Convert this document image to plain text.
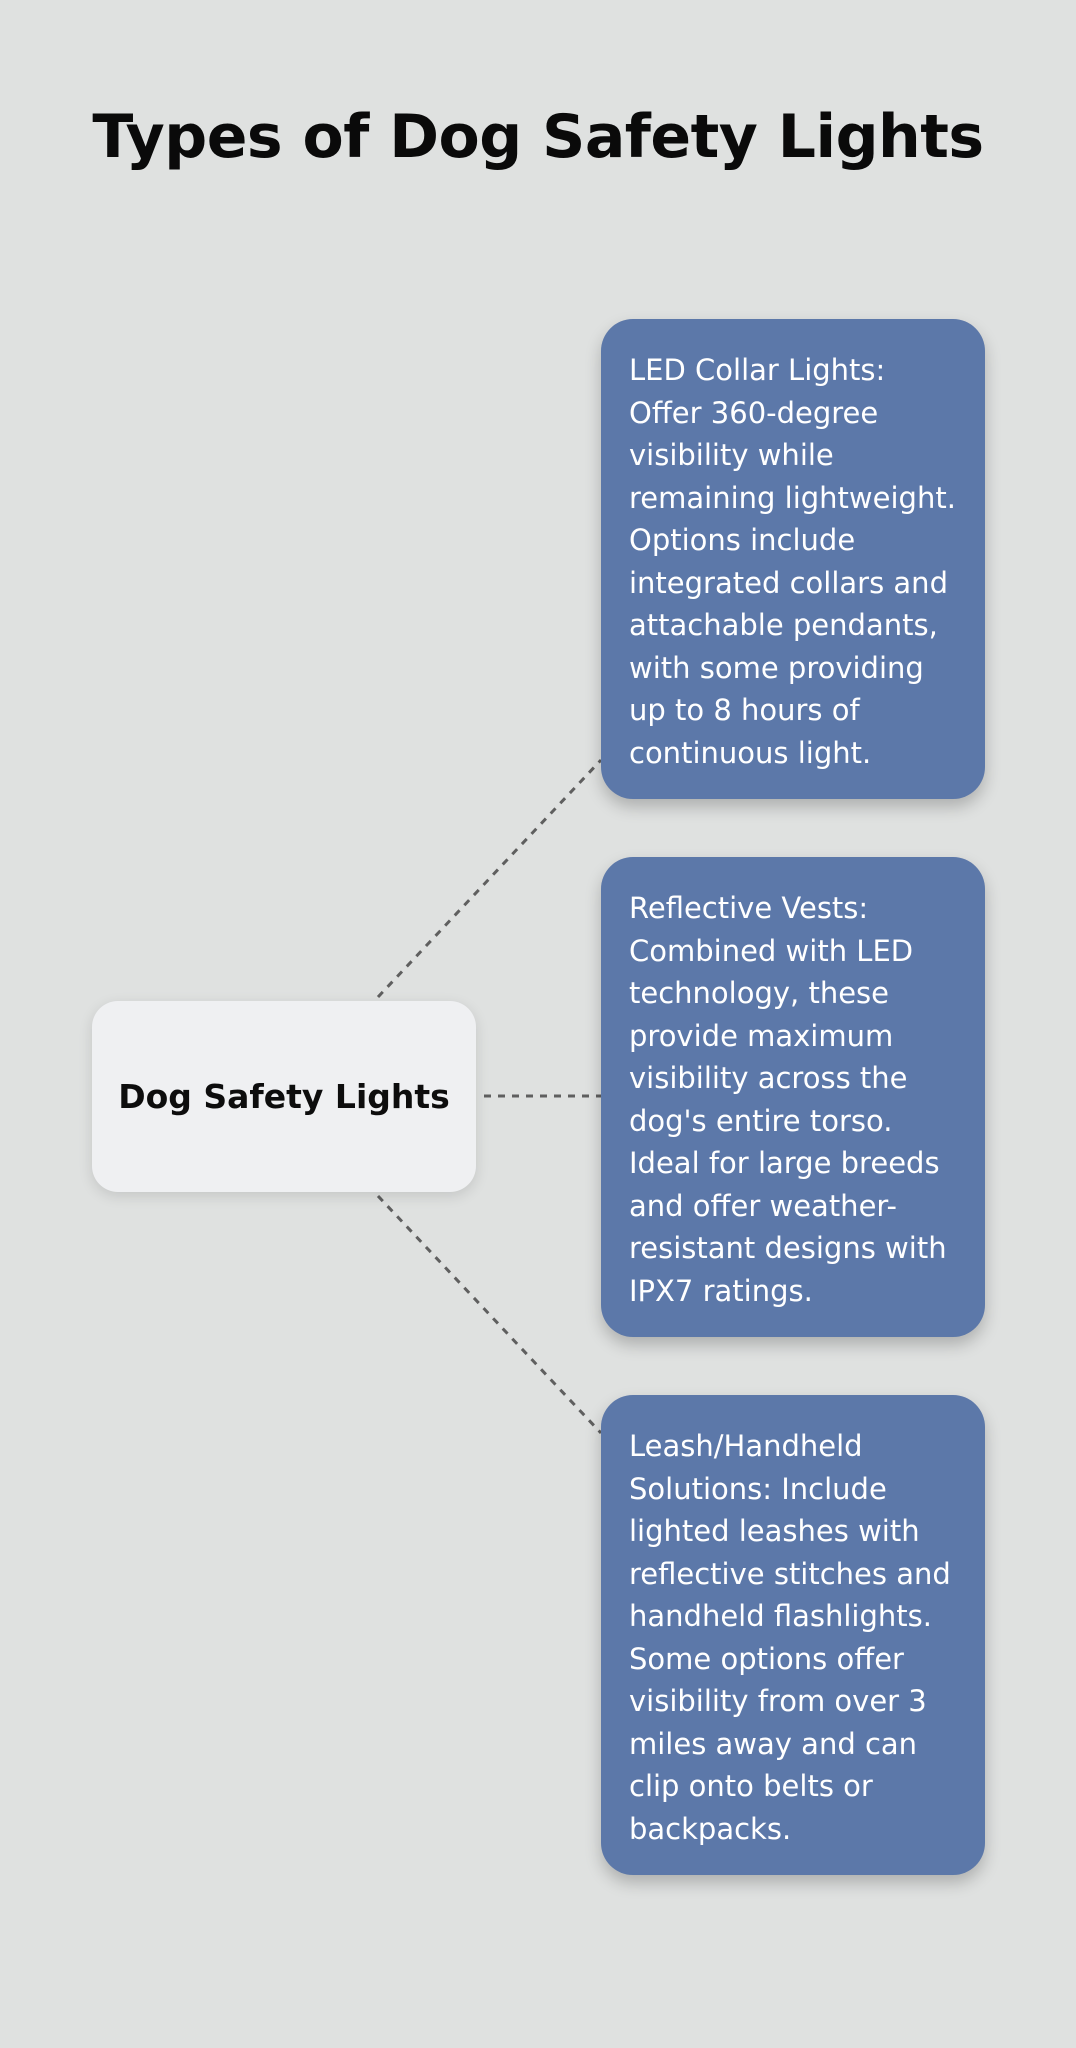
Types of Dog Safety Lights
Dog Safety Lights
LED Collar Lights: Offer 360-degree visibility while remaining lightweight. Options include integrated collars and attachable pendants, with some providing up to 8 hours of continuous light.
Reflective Vests: Combined with LED technology, these provide maximum visibility across the dog's entire torso. Ideal for large breeds and offer weather-resistant designs with IPX7 ratings.
Leash/Handheld Solutions: Include lighted leashes with reflective stitches and handheld flashlights. Some options offer visibility from over 3 miles away and can clip onto belts or backpacks.
